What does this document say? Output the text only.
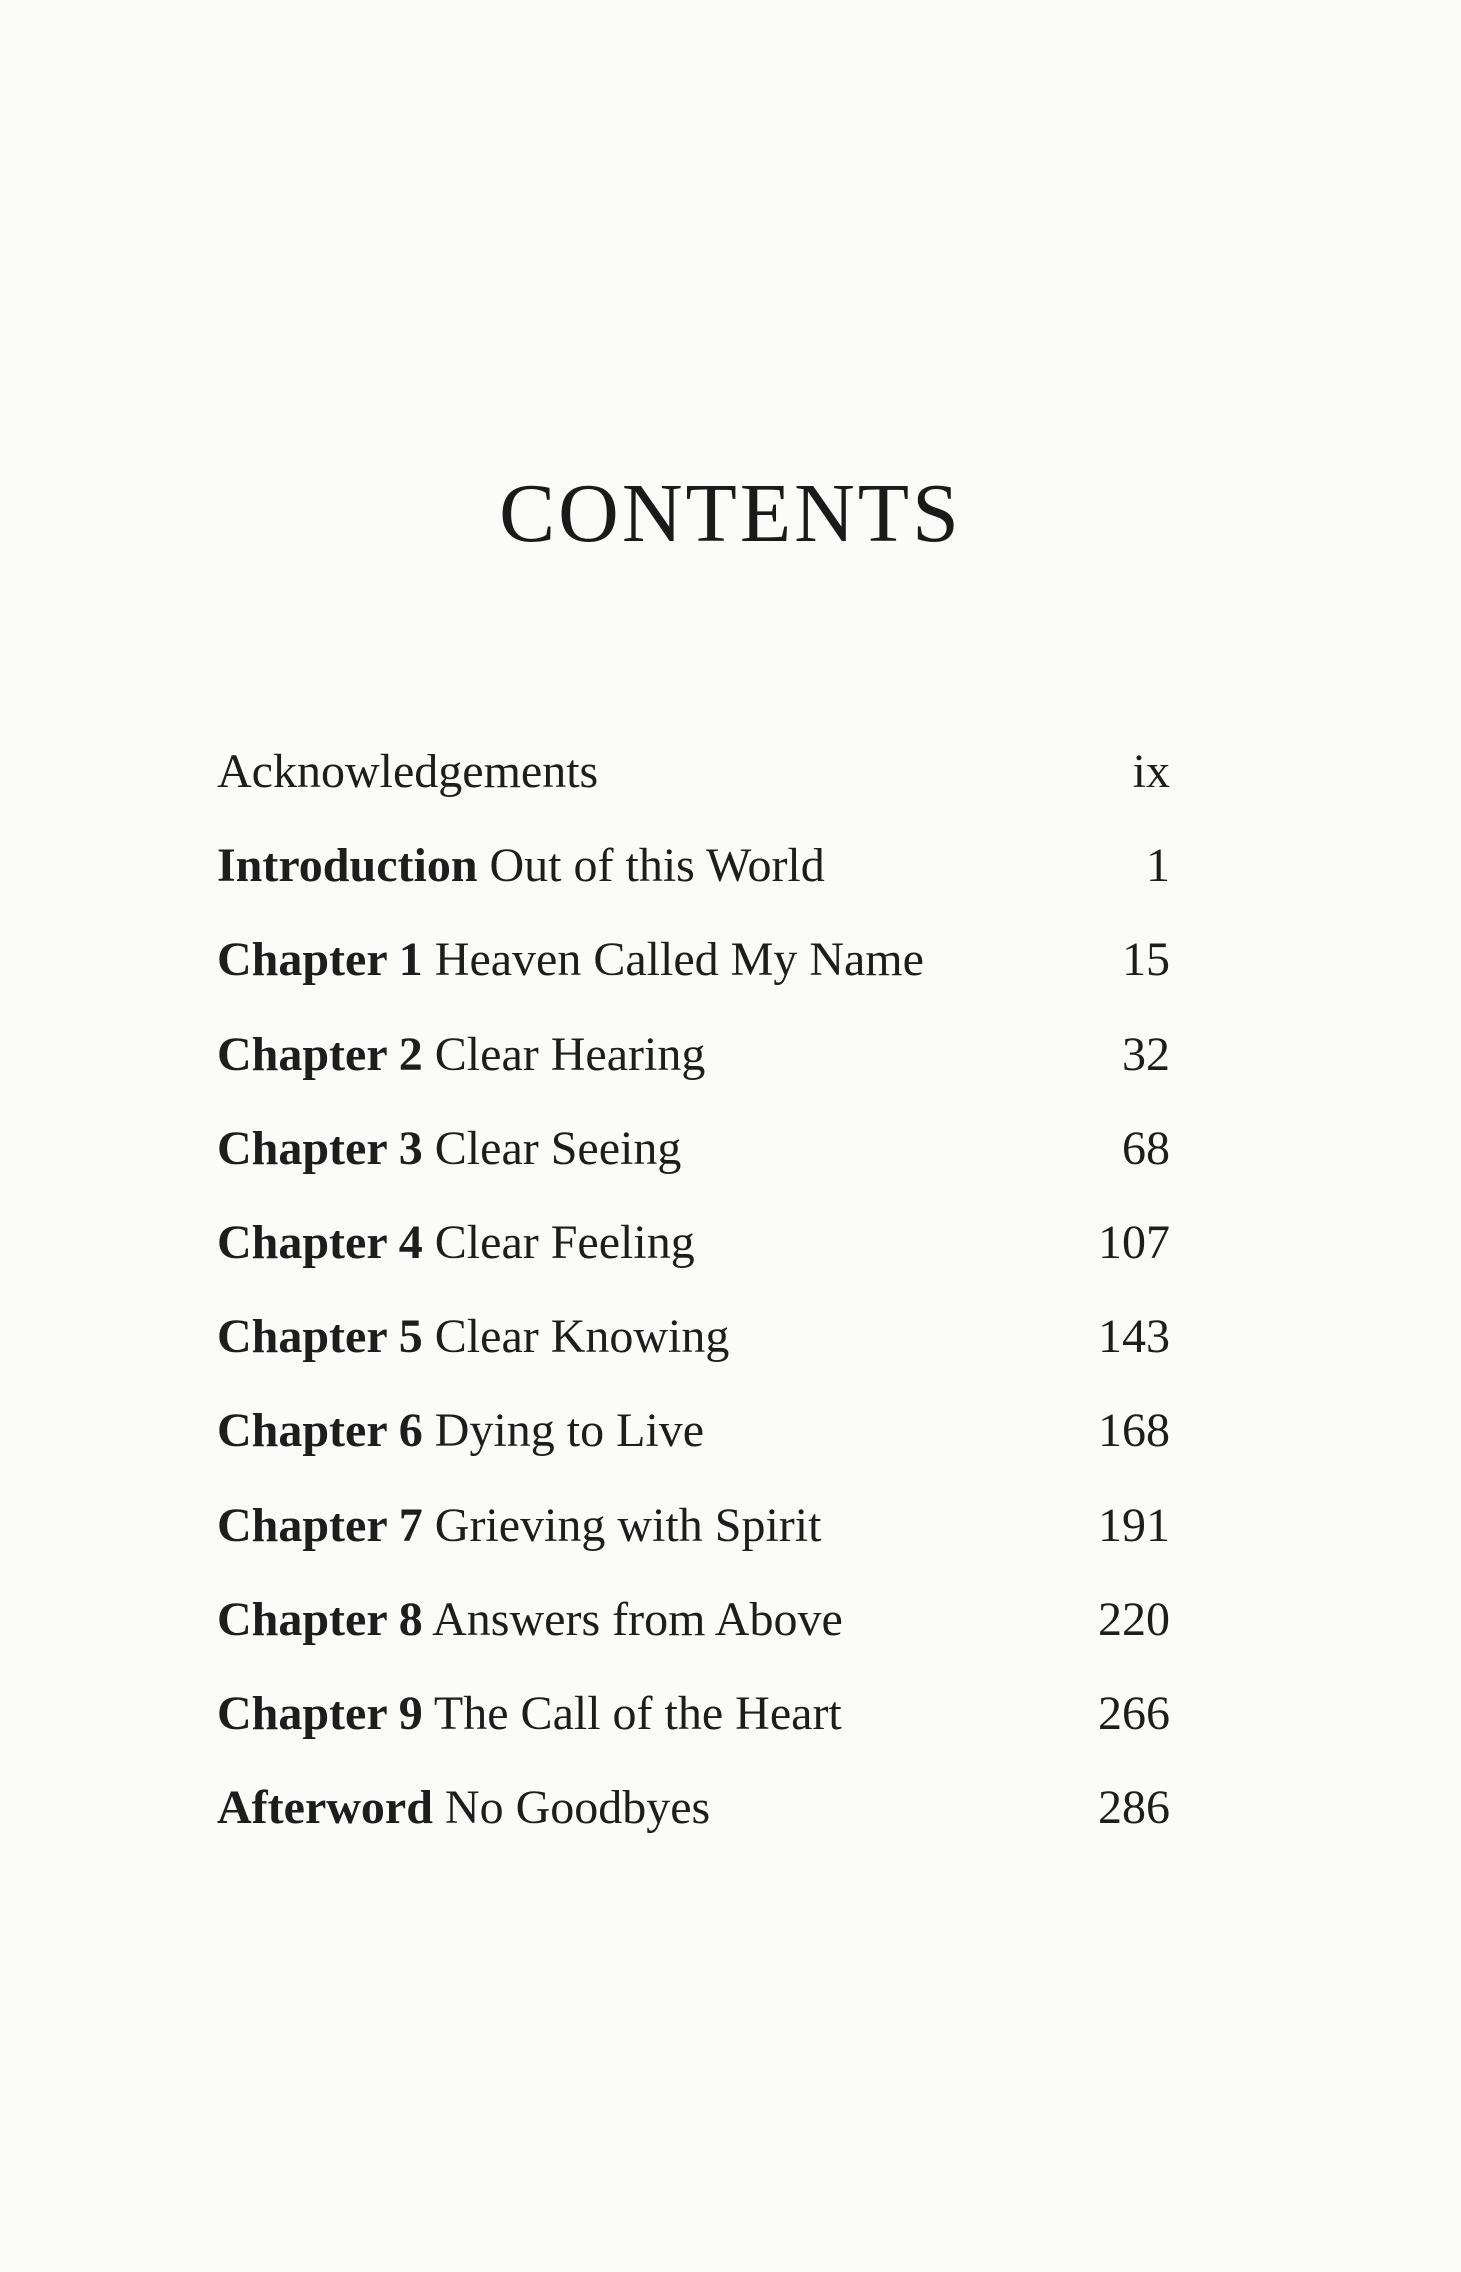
CONTENTS
Acknowledgements	ix
Introduction Out of this World	1
Chapter 1 Heaven Called My Name	15
Chapter 2 Clear Hearing	32
Chapter 3 Clear Seeing	68
Chapter 4 Clear Feeling	107
Chapter 5 Clear Knowing	143
Chapter 6 Dying to Live	168
Chapter 7 Grieving with Spirit	191
Chapter 8 Answers from Above	220
Chapter 9 The Call of the Heart	266
Afterword No Goodbyes	286
